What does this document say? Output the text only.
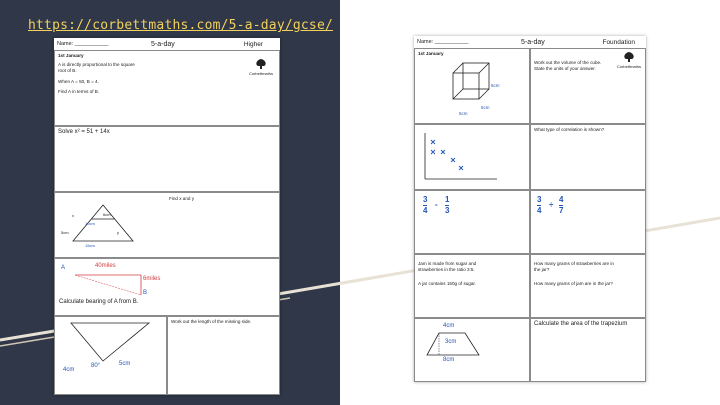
https://corbettmaths.com/5-a-day/gcse/
Name: ___________	5-a-day	Higher
1st January
A is directly proportional to the square
root of B.
When A = 50, B = 4.
Find A in terms of B.
Corbettmaths
Solve x² = 51 + 14x
Find x and y
x	6cm
10cm
5cm	y
15cm
A	40miles
6miles
B
Calculate bearing of A from B.
4cm
80°	5cm
Work out the length of the missing side.
Name: ___________	5-a-day	Foundation
1st January
5cm
5cm
5cm
Work out the volume of the cube.
State the units of your answer.	Corbettmaths
What type of correlation is shown?
3
4
-
1
3
3
4
÷
4
7
Jam is made from sugar and
strawberries in the ratio 3:5.
A jar contains 150g of sugar.
How many grams of strawberries are in
the jar?
How many grams of jam are in the jar?
4cm
3cm
8cm
Calculate the area of the trapezium
